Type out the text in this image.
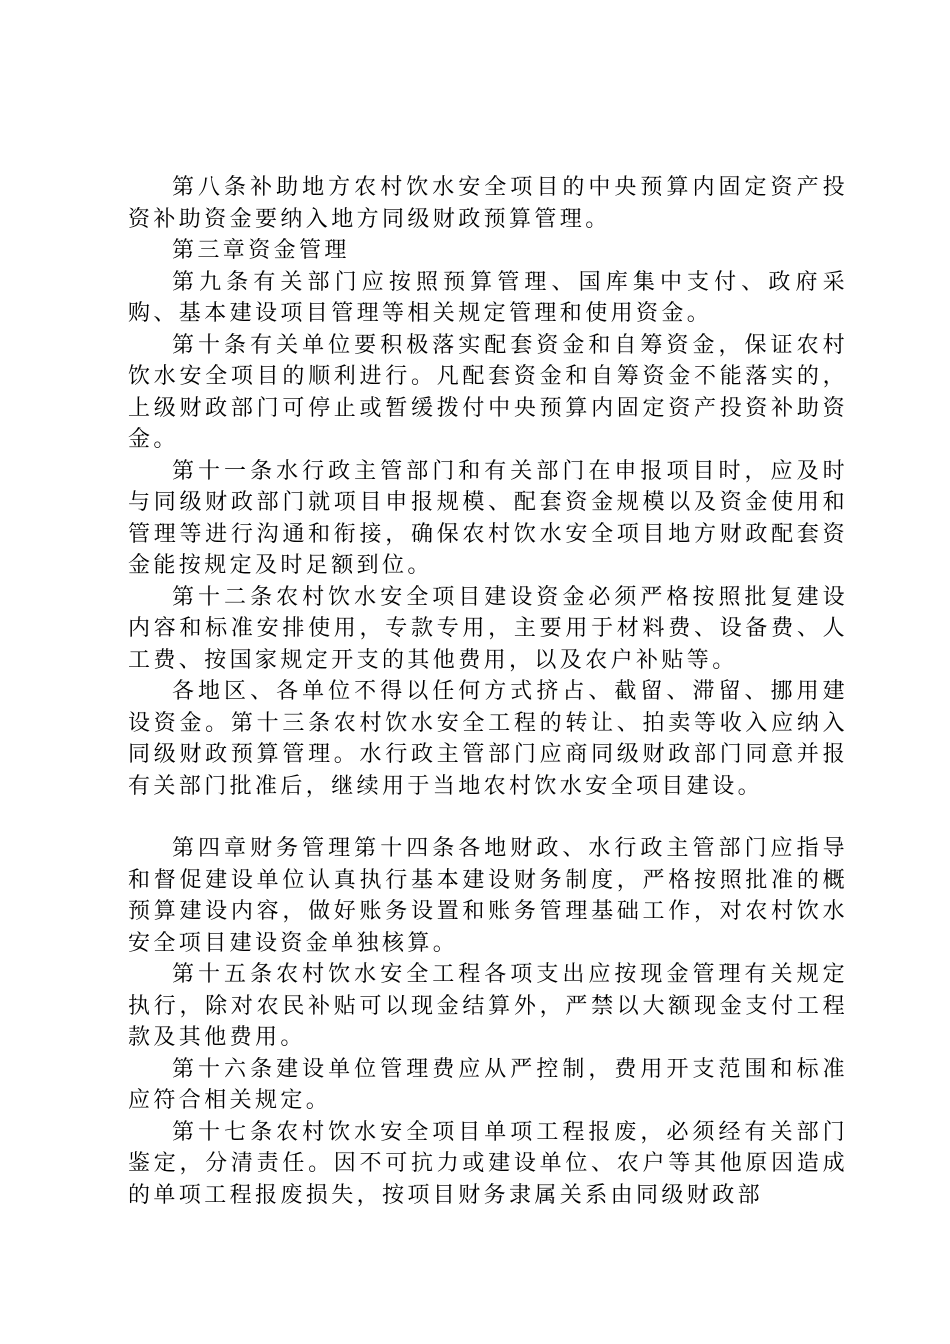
第八条补助地方农村饮水安全项目的中央预算内固定资产投资补助资金要纳入地方同级财政预算管理。

第三章资金管理

第九条有关部门应按照预算管理、国库集中支付、政府采购、基本建设项目管理等相关规定管理和使用资金。

第十条有关单位要积极落实配套资金和自筹资金，保证农村饮水安全项目的顺利进行。凡配套资金和自筹资金不能落实的，上级财政部门可停止或暂缓拨付中央预算内固定资产投资补助资金。

第十一条水行政主管部门和有关部门在申报项目时，应及时与同级财政部门就项目申报规模、配套资金规模以及资金使用和管理等进行沟通和衔接，确保农村饮水安全项目地方财政配套资金能按规定及时足额到位。

第十二条农村饮水安全项目建设资金必须严格按照批复建设内容和标准安排使用，专款专用，主要用于材料费、设备费、人工费、按国家规定开支的其他费用，以及农户补贴等。

各地区、各单位不得以任何方式挤占、截留、滞留、挪用建设资金。第十三条农村饮水安全工程的转让、拍卖等收入应纳入同级财政预算管理。水行政主管部门应商同级财政部门同意并报有关部门批准后，继续用于当地农村饮水安全项目建设。

第四章财务管理第十四条各地财政、水行政主管部门应指导和督促建设单位认真执行基本建设财务制度，严格按照批准的概预算建设内容，做好账务设置和账务管理基础工作，对农村饮水安全项目建设资金单独核算。

第十五条农村饮水安全工程各项支出应按现金管理有关规定执行，除对农民补贴可以现金结算外，严禁以大额现金支付工程款及其他费用。

第十六条建设单位管理费应从严控制，费用开支范围和标准应符合相关规定。

第十七条农村饮水安全项目单项工程报废，必须经有关部门鉴定，分清责任。因不可抗力或建设单位、农户等其他原因造成的单项工程报废损失，按项目财务隶属关系由同级财政部
